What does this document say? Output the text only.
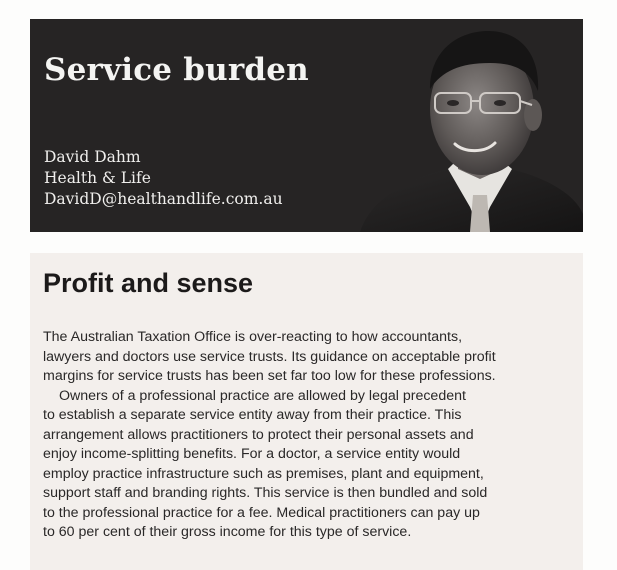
Service burden
David Dahm
Health & Life
DavidD@healthandlife.com.au
Profit and sense
The Australian Taxation Office is over-reacting to how accountants,
lawyers and doctors use service trusts. Its guidance on acceptable profit
margins for service trusts has been set far too low for these professions.
Owners of a professional practice are allowed by legal precedent
to establish a separate service entity away from their practice. This
arrangement allows practitioners to protect their personal assets and
enjoy income-splitting benefits. For a doctor, a service entity would
employ practice infrastructure such as premises, plant and equipment,
support staff and branding rights. This service is then bundled and sold
to the professional practice for a fee. Medical practitioners can pay up
to 60 per cent of their gross income for this type of service.
